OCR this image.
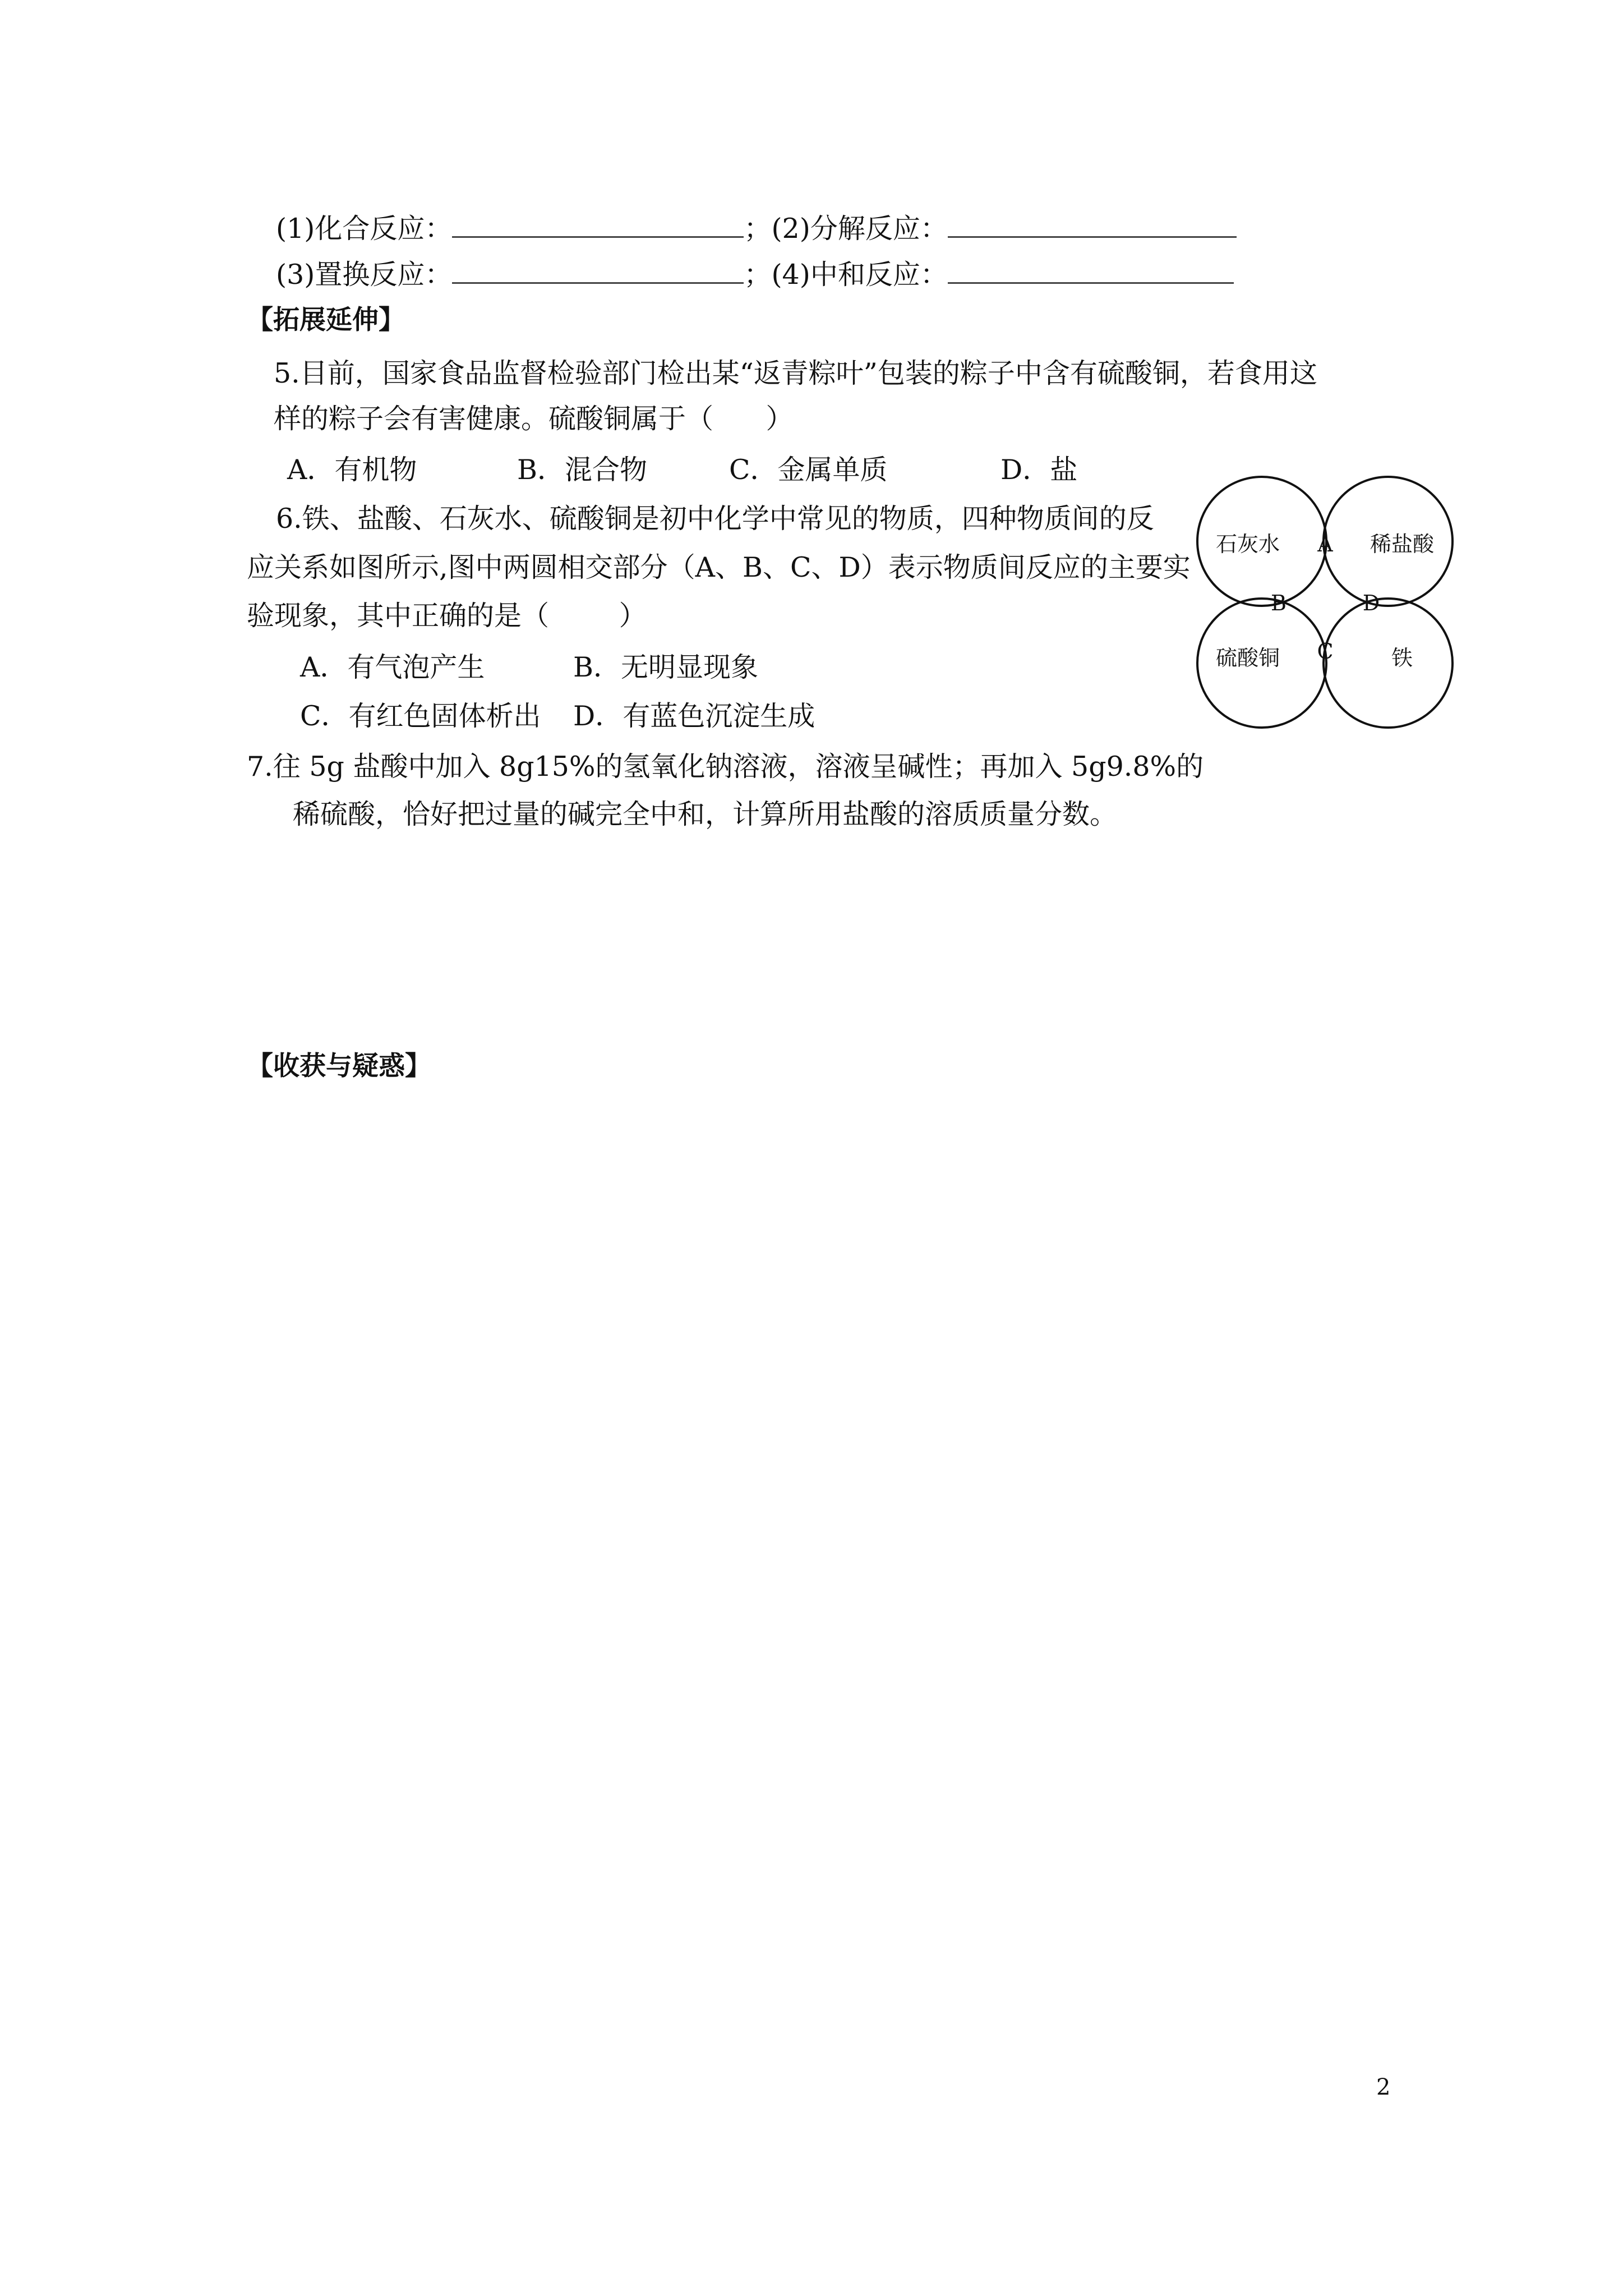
(1)化合反应：	；(2)分解反应：
(3)置换反应：	；(4)中和反应：
【拓展延伸】
5.目前，国家食品监督检验部门检出某“返青粽叶”包装的粽子中含有硫酸铜，若食用这
样的粽子会有害健康。硫酸铜属于（      ）
A．有机物	B．混合物	C．金属单质	D．盐
6.铁、盐酸、石灰水、硫酸铜是初中化学中常见的物质，四种物质间的反
应关系如图所示,图中两圆相交部分（A、B、C、D）表示物质间反应的主要实
验现象，其中正确的是（        ）
A．有气泡产生	B．无明显现象
C．有红色固体析出 D．有蓝色沉淀生成
石灰水	稀盐酸
硫酸铜	铁
A
B
C
D
7.往 5g 盐酸中加入 8g15%的氢氧化钠溶液，溶液呈碱性；再加入 5g9.8%的
稀硫酸，恰好把过量的碱完全中和，计算所用盐酸的溶质质量分数。
【收获与疑惑】
2
